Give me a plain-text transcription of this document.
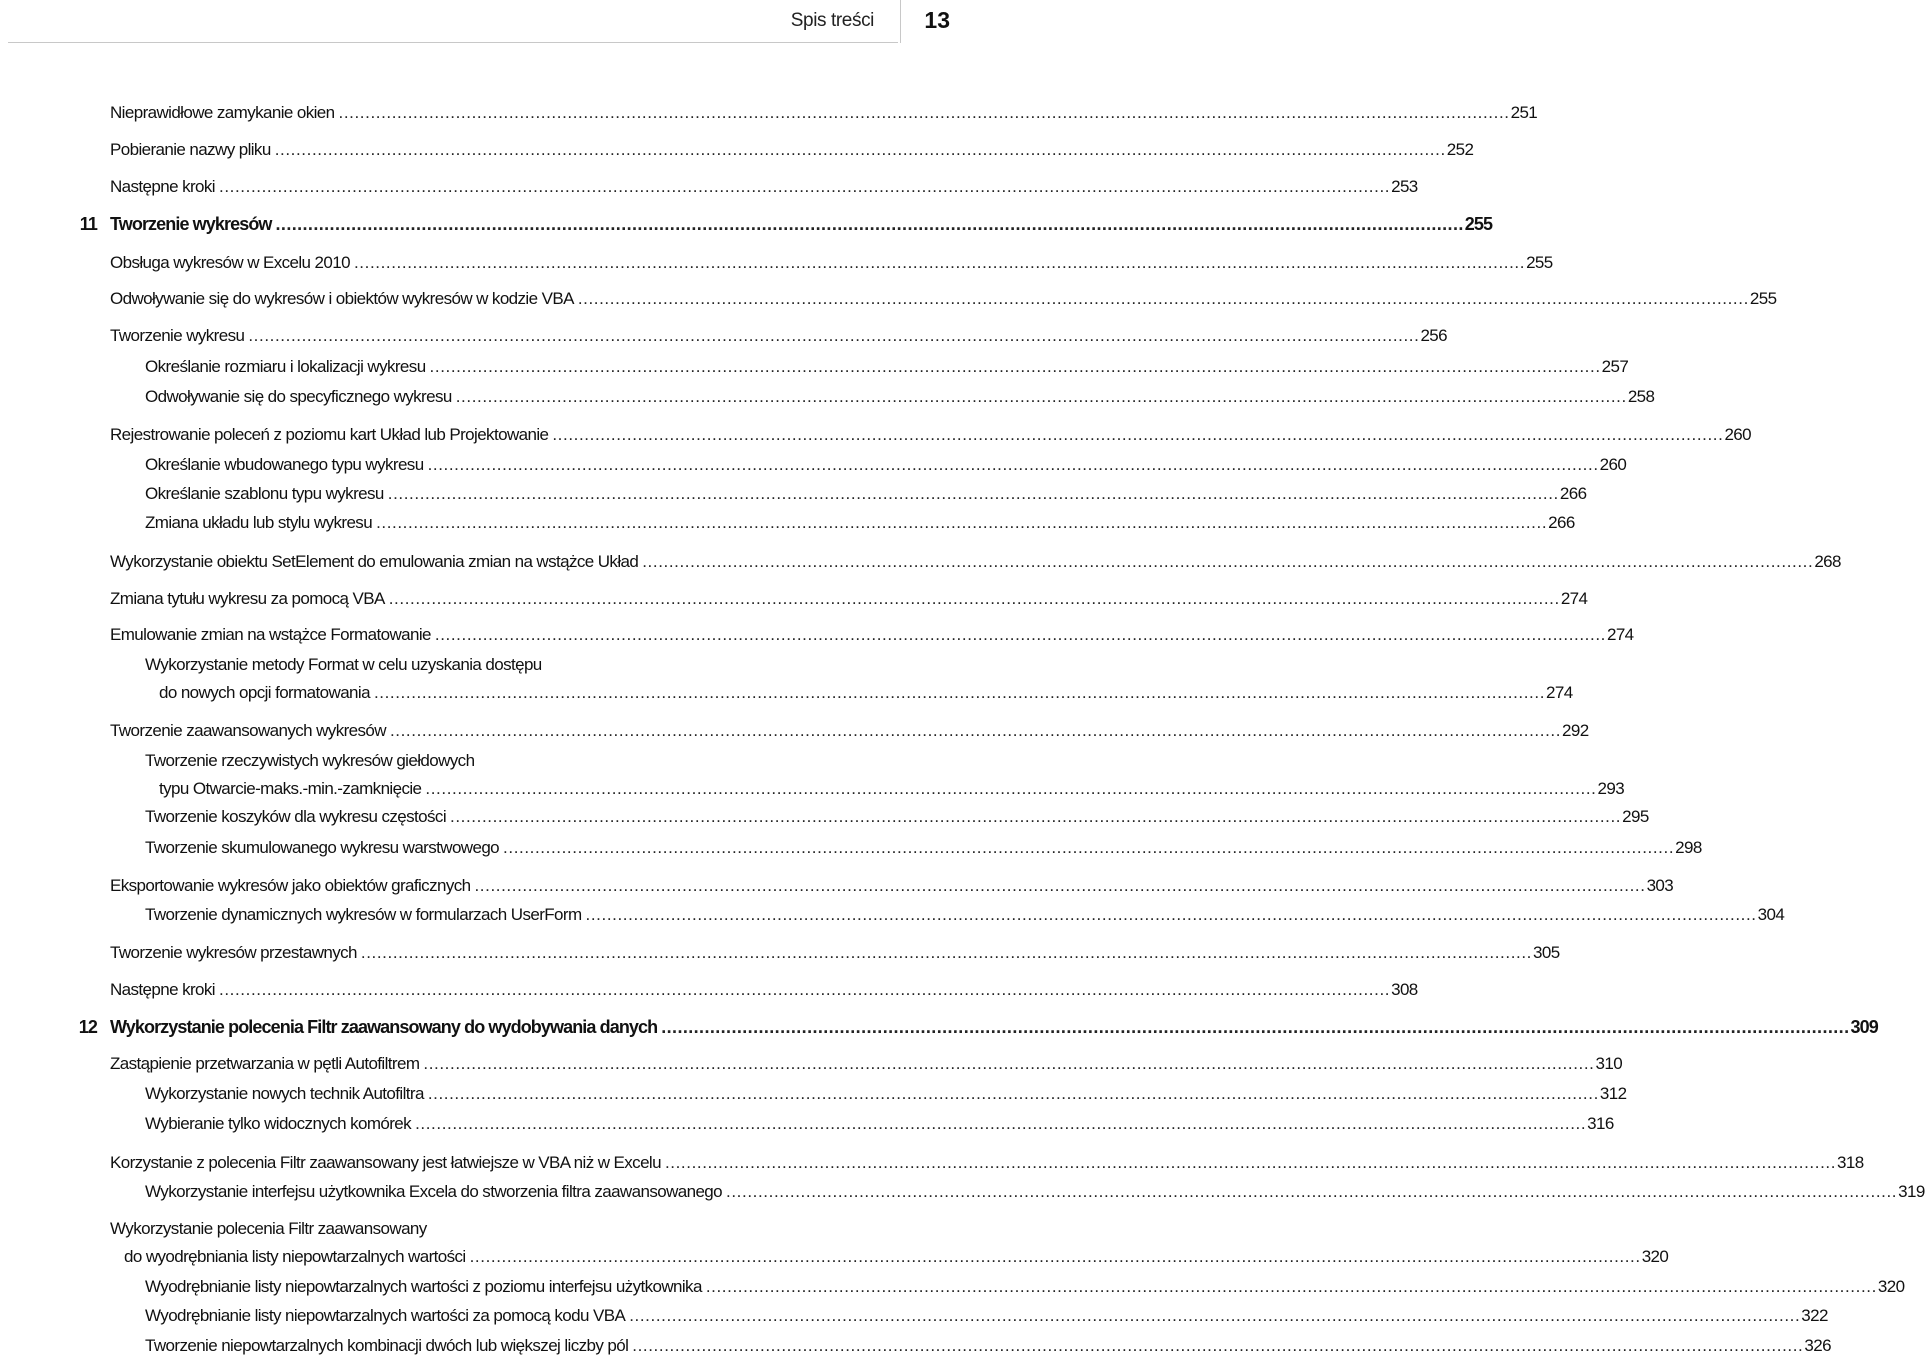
Spis treści 13
Nieprawidłowe zamykanie okien ............................................................................................................................................................................................................................ 251
Pobieranie nazwy pliku ............................................................................................................................................................................................................................ 252
Następne kroki ............................................................................................................................................................................................................................ 253
11 Tworzenie wykresów ............................................................................................................................................................................................................................ 255
Obsługa wykresów w Excelu 2010 ............................................................................................................................................................................................................................ 255
Odwoływanie się do wykresów i obiektów wykresów w kodzie VBA ............................................................................................................................................................................................................................ 255
Tworzenie wykresu ............................................................................................................................................................................................................................ 256
Określanie rozmiaru i lokalizacji wykresu ............................................................................................................................................................................................................................ 257
Odwoływanie się do specyficznego wykresu ............................................................................................................................................................................................................................ 258
Rejestrowanie poleceń z poziomu kart Układ lub Projektowanie ............................................................................................................................................................................................................................ 260
Określanie wbudowanego typu wykresu ............................................................................................................................................................................................................................ 260
Określanie szablonu typu wykresu ............................................................................................................................................................................................................................ 266
Zmiana układu lub stylu wykresu ............................................................................................................................................................................................................................ 266
Wykorzystanie obiektu SetElement do emulowania zmian na wstążce Układ ............................................................................................................................................................................................................................ 268
Zmiana tytułu wykresu za pomocą VBA ............................................................................................................................................................................................................................ 274
Emulowanie zmian na wstążce Formatowanie ............................................................................................................................................................................................................................ 274
Wykorzystanie metody Format w celu uzyskania dostępu
do nowych opcji formatowania ............................................................................................................................................................................................................................ 274
Tworzenie zaawansowanych wykresów ............................................................................................................................................................................................................................ 292
Tworzenie rzeczywistych wykresów giełdowych
typu Otwarcie-maks.-min.-zamknięcie ............................................................................................................................................................................................................................ 293
Tworzenie koszyków dla wykresu częstości ............................................................................................................................................................................................................................ 295
Tworzenie skumulowanego wykresu warstwowego ............................................................................................................................................................................................................................ 298
Eksportowanie wykresów jako obiektów graficznych ............................................................................................................................................................................................................................ 303
Tworzenie dynamicznych wykresów w formularzach UserForm ............................................................................................................................................................................................................................ 304
Tworzenie wykresów przestawnych ............................................................................................................................................................................................................................ 305
Następne kroki ............................................................................................................................................................................................................................ 308
12 Wykorzystanie polecenia Filtr zaawansowany do wydobywania danych ............................................................................................................................................................................................................................ 309
Zastąpienie przetwarzania w pętli Autofiltrem ............................................................................................................................................................................................................................ 310
Wykorzystanie nowych technik Autofiltra ............................................................................................................................................................................................................................ 312
Wybieranie tylko widocznych komórek ............................................................................................................................................................................................................................ 316
Korzystanie z polecenia Filtr zaawansowany jest łatwiejsze w VBA niż w Excelu ............................................................................................................................................................................................................................ 318
Wykorzystanie interfejsu użytkownika Excela do stworzenia filtra zaawansowanego ............................................................................................................................................................................................................................ 319
Wykorzystanie polecenia Filtr zaawansowany
do wyodrębniania listy niepowtarzalnych wartości ............................................................................................................................................................................................................................ 320
Wyodrębnianie listy niepowtarzalnych wartości z poziomu interfejsu użytkownika ............................................................................................................................................................................................................................ 320
Wyodrębnianie listy niepowtarzalnych wartości za pomocą kodu VBA ............................................................................................................................................................................................................................ 322
Tworzenie niepowtarzalnych kombinacji dwóch lub większej liczby pól ............................................................................................................................................................................................................................ 326
